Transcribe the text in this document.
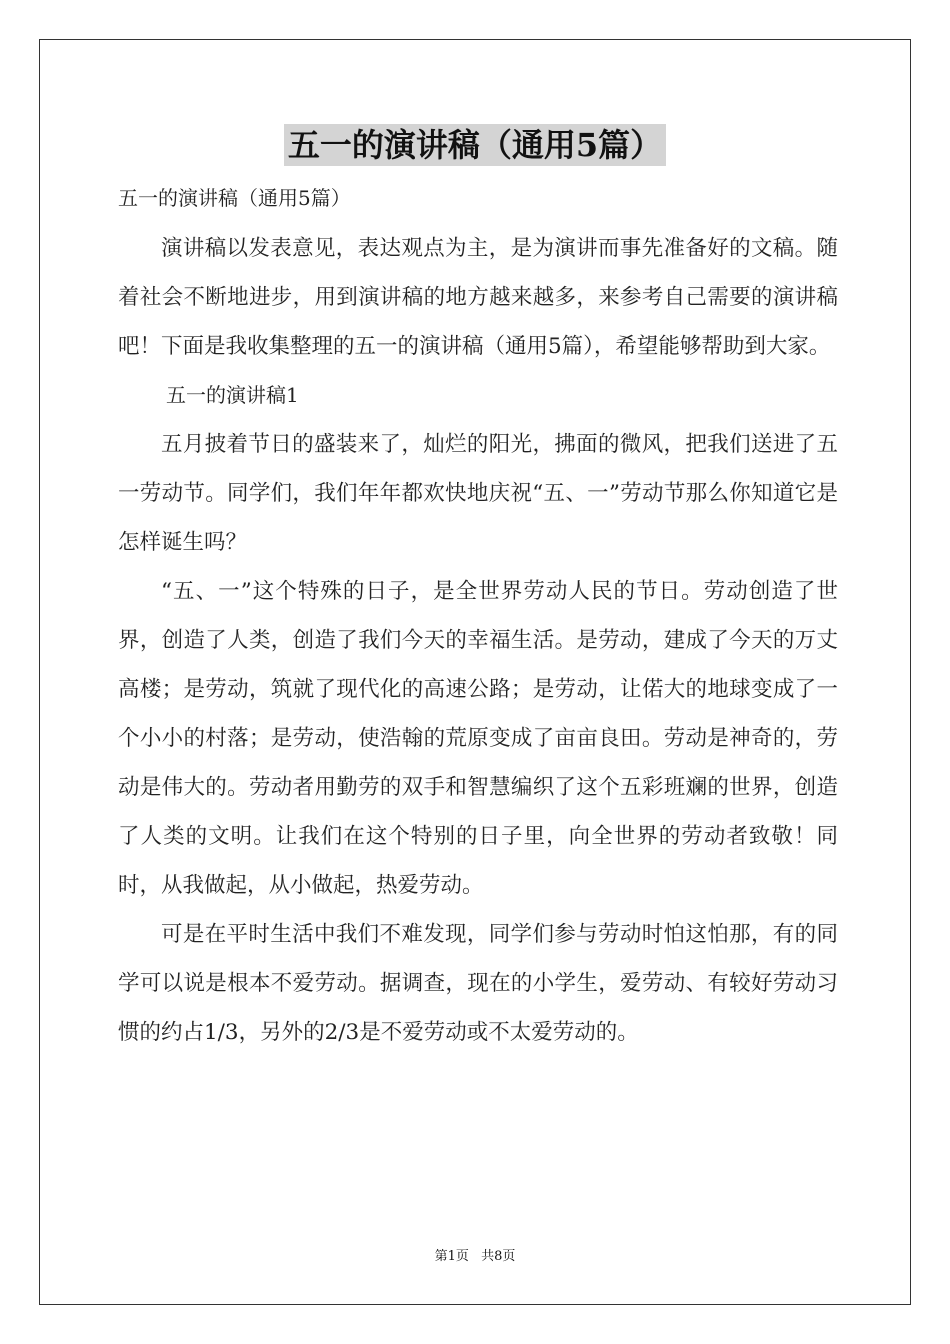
五一的演讲稿（通用5篇）

五一的演讲稿（通用5篇）

演讲稿以发表意见，表达观点为主，是为演讲而事先准备好的文稿。随着社会不断地进步，用到演讲稿的地方越来越多，来参考自己需要的演讲稿吧！下面是我收集整理的五一的演讲稿（通用5篇），希望能够帮助到大家。

五一的演讲稿1

五月披着节日的盛装来了，灿烂的阳光，拂面的微风，把我们送进了五一劳动节。同学们，我们年年都欢快地庆祝“五、一”劳动节那么你知道它是怎样诞生吗？

“五、一”这个特殊的日子，是全世界劳动人民的节日。劳动创造了世界，创造了人类，创造了我们今天的幸福生活。是劳动，建成了今天的万丈高楼；是劳动，筑就了现代化的高速公路；是劳动，让偌大的地球变成了一个小小的村落；是劳动，使浩翰的荒原变成了亩亩良田。劳动是神奇的，劳动是伟大的。劳动者用勤劳的双手和智慧编织了这个五彩班斓的世界，创造了人类的文明。让我们在这个特别的日子里，向全世界的劳动者致敬！同时，从我做起，从小做起，热爱劳动。

可是在平时生活中我们不难发现，同学们参与劳动时怕这怕那，有的同学可以说是根本不爱劳动。据调查，现在的小学生，爱劳动、有较好劳动习惯的约占1/3，另外的2/3是不爱劳动或不太爱劳动的。

第1页 共8页
